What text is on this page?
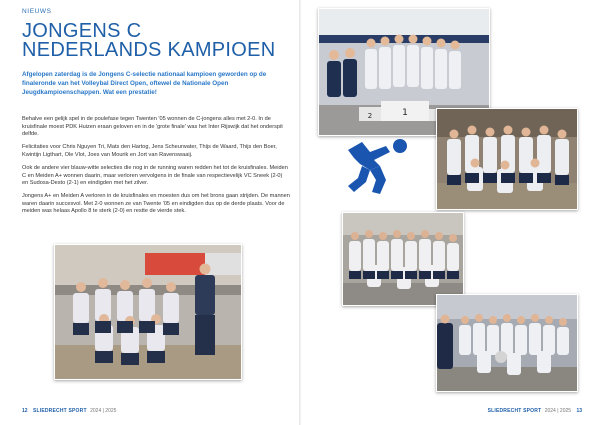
NIEUWS
JONGENS C
NEDERLANDS KAMPIOEN

Afgelopen zaterdag is de Jongens C-selectie nationaal kampioen geworden op de finaleronde van het Volleybal Direct Open, oftewel de Nationale Open Jeugdkampioenschappen. Wat een prestatie!

Behalve een gelijk spel in de poulefase tegen Twenten '05 wonnen de C-jongens alles met 2-0. In de kruisfinale moest PDK Huizen eraan geloven en in de 'grote finale' was het Inter Rijswijk dat het onderspit delfde.

Felicitaties voor Chris Nguyen Tri, Mats den Hartog, Jens Scheurwater, Thijs de Waard, Thijs den Boer, Kwintijn Ligthart, Ole Vlot, Joes van Mourik en Jort van Ravenswaaij.

Ook de andere vier blauw-witte selecties die nog in de running waren redden het tot de kruisfinales. Meiden C en Meiden A+ wonnen daarin, maar verloren vervolgens in de finale van respectievelijk VC Sneek (2-0) en Sudosa-Desto (2-1) en eindigden met het zilver.

Jongens A+ en Meiden A verloren in de kruisfinales en moesten dus om het brons gaan strijden. De mannen waren daarin succesvol. Met 2-0 wonnen ze van Twente '05 en eindigden dus op de derde plaats. Voor de meiden was helaas Apollo 8 te sterk (2-0) en restte de vierde stek.

12 SLIEDRECHT SPORT 2024 | 2025
1
2
SLIEDRECHT SPORT 2024 | 2025 13
